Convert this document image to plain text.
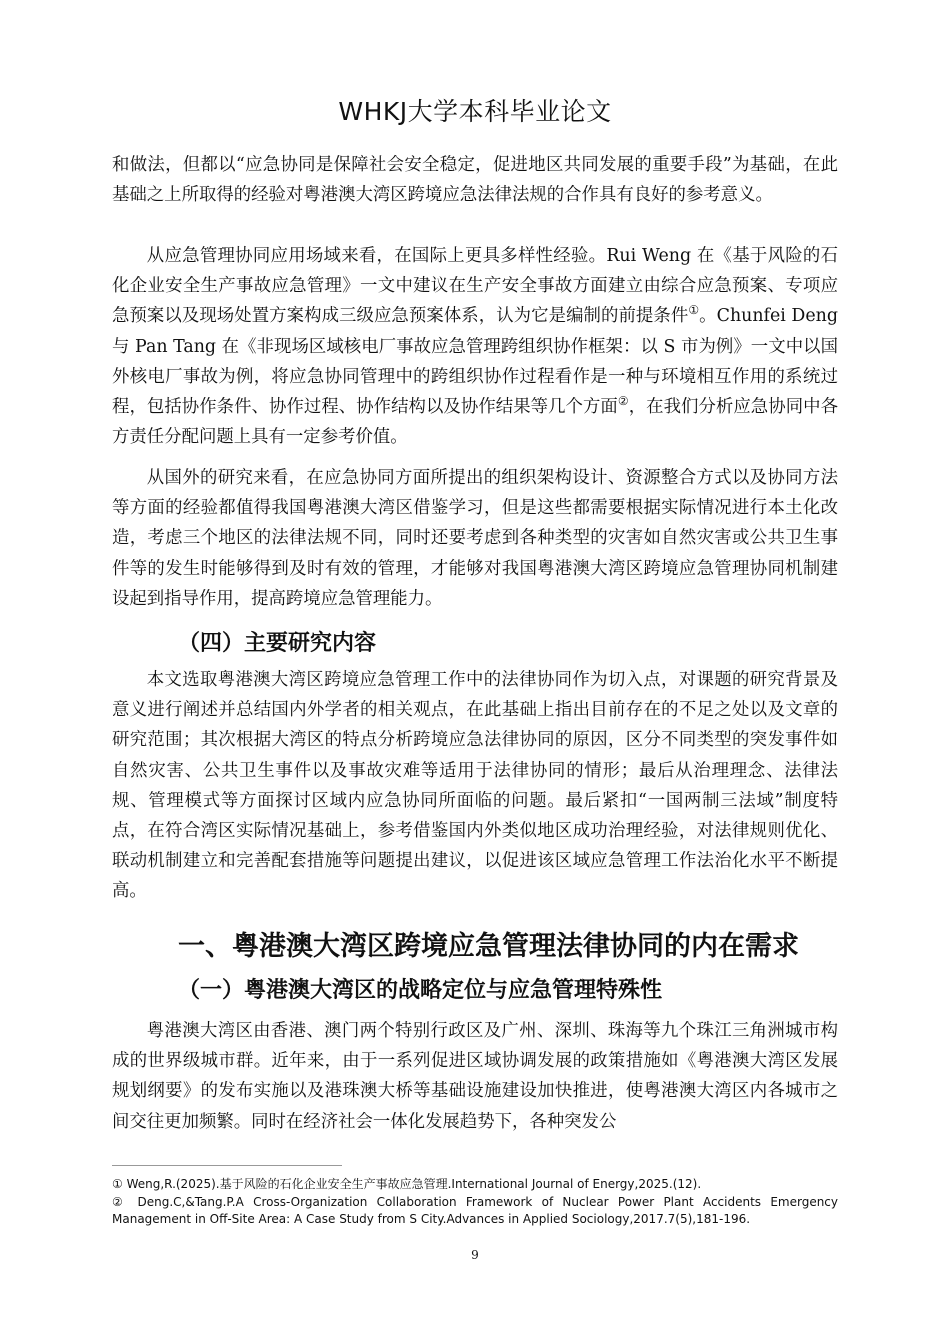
WHKJ大学本科毕业论文

和做法，但都以“应急协同是保障社会安全稳定，促进地区共同发展的重要手段”为基础，在此基础之上所取得的经验对粤港澳大湾区跨境应急法律法规的合作具有良好的参考意义。

从应急管理协同应用场域来看，在国际上更具多样性经验。Rui Weng 在《基于风险的石化企业安全生产事故应急管理》一文中建议在生产安全事故方面建立由综合应急预案、专项应急预案以及现场处置方案构成三级应急预案体系，认为它是编制的前提条件①。Chunfei Deng 与 Pan Tang 在《非现场区域核电厂事故应急管理跨组织协作框架：以 S 市为例》一文中以国外核电厂事故为例，将应急协同管理中的跨组织协作过程看作是一种与环境相互作用的系统过程，包括协作条件、协作过程、协作结构以及协作结果等几个方面②，在我们分析应急协同中各方责任分配问题上具有一定参考价值。

从国外的研究来看，在应急协同方面所提出的组织架构设计、资源整合方式以及协同方法等方面的经验都值得我国粤港澳大湾区借鉴学习，但是这些都需要根据实际情况进行本土化改造，考虑三个地区的法律法规不同，同时还要考虑到各种类型的灾害如自然灾害或公共卫生事件等的发生时能够得到及时有效的管理，才能够对我国粤港澳大湾区跨境应急管理协同机制建设起到指导作用，提高跨境应急管理能力。

（四）主要研究内容

本文选取粤港澳大湾区跨境应急管理工作中的法律协同作为切入点，对课题的研究背景及意义进行阐述并总结国内外学者的相关观点，在此基础上指出目前存在的不足之处以及文章的研究范围；其次根据大湾区的特点分析跨境应急法律协同的原因，区分不同类型的突发事件如自然灾害、公共卫生事件以及事故灾难等适用于法律协同的情形；最后从治理理念、法律法规、管理模式等方面探讨区域内应急协同所面临的问题。最后紧扣“一国两制三法域”制度特点，在符合湾区实际情况基础上，参考借鉴国内外类似地区成功治理经验，对法律规则优化、联动机制建立和完善配套措施等问题提出建议，以促进该区域应急管理工作法治化水平不断提高。

一、粤港澳大湾区跨境应急管理法律协同的内在需求
（一）粤港澳大湾区的战略定位与应急管理特殊性

粤港澳大湾区由香港、澳门两个特别行政区及广州、深圳、珠海等九个珠江三角洲城市构成的世界级城市群。近年来，由于一系列促进区域协调发展的政策措施如《粤港澳大湾区发展规划纲要》的发布实施以及港珠澳大桥等基础设施建设加快推进，使粤港澳大湾区内各城市之间交往更加频繁。同时在经济社会一体化发展趋势下，各种突发公

① Weng,R.(2025).基于风险的石化企业安全生产事故应急管理.International Journal of Energy,2025.(12).
② Deng.C,&Tang.P.A Cross-Organization Collaboration Framework of Nuclear Power Plant Accidents Emergency Management in Off-Site Area: A Case Study from S City.Advances in Applied Sociology,2017.7(5),181-196.
9
